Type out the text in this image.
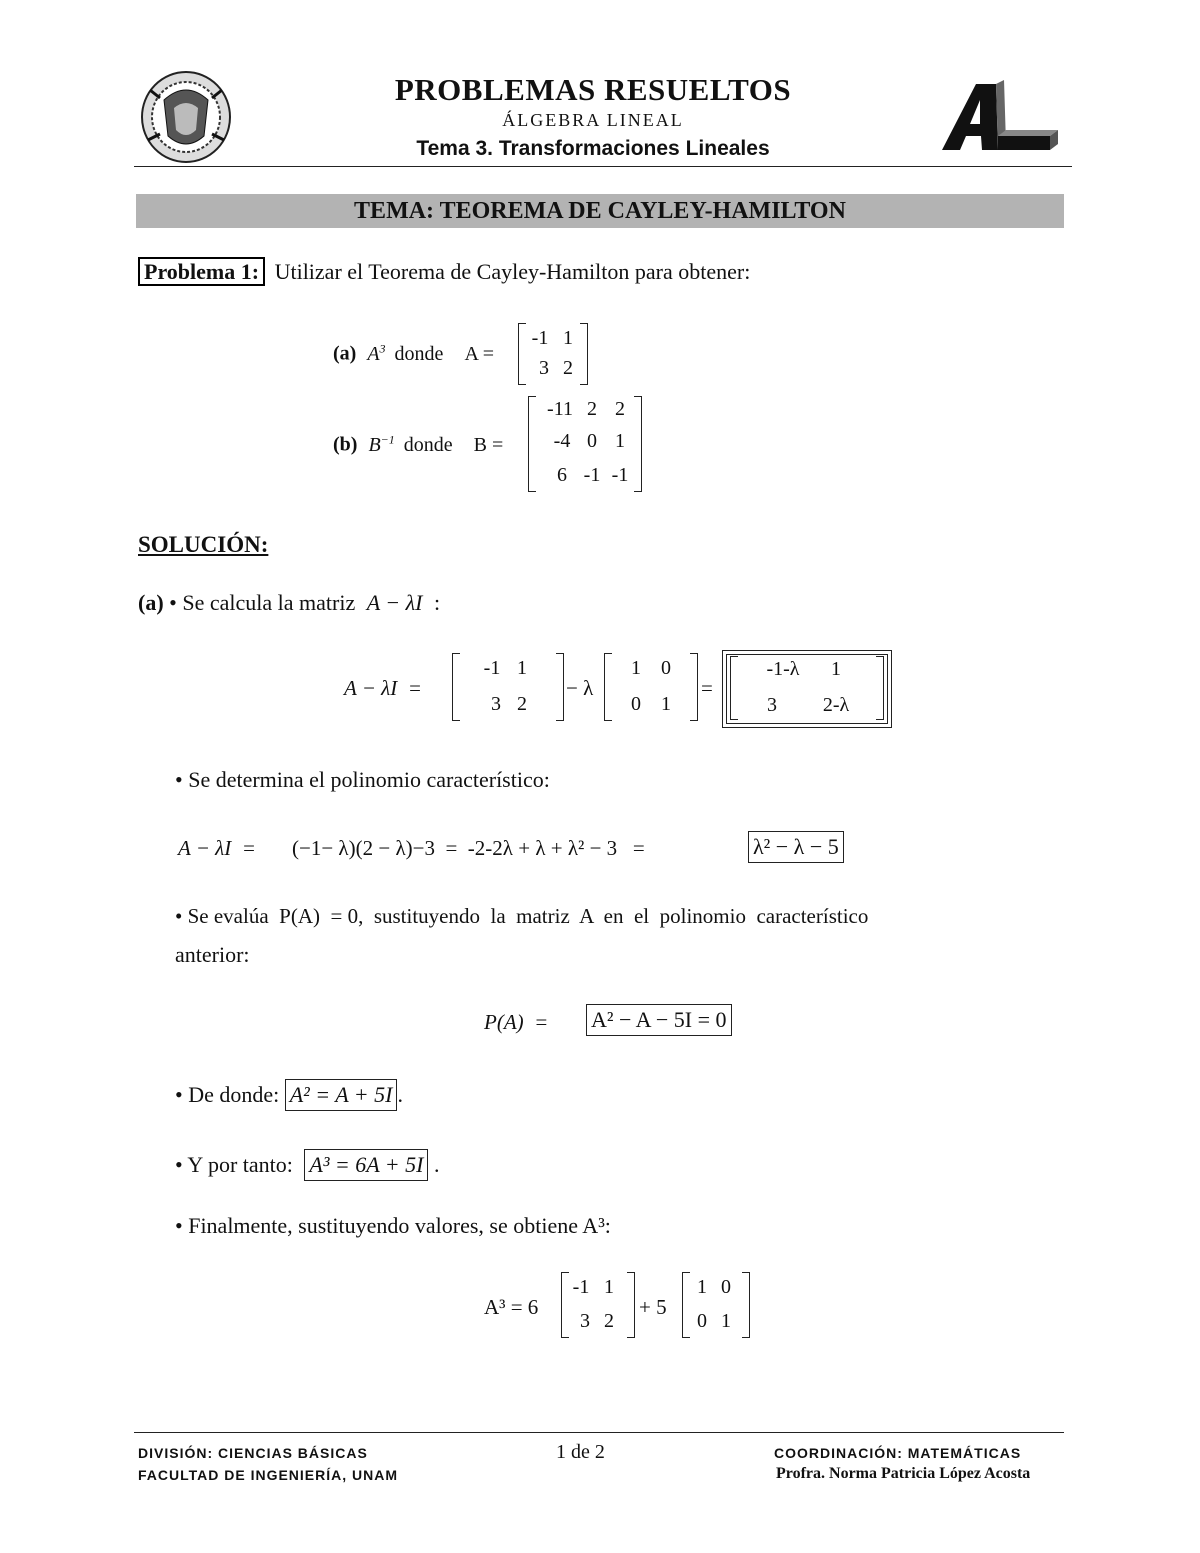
PROBLEMAS RESUELTOS
ÁLGEBRA LINEAL
Tema 3. Transformaciones Lineales
TEMA: TEOREMA DE CAYLEY-HAMILTON
Problema 1: Utilizar el Teorema de Cayley-Hamilton para obtener:
(a) $A^3$ donde A =
-1 1
3 2
(b) $B^{-1}$ donde B =
-11 2 2
-4 0 1
6 -1 -1
SOLUCIÓN:
(a) • Se calcula la matriz A − λI :
A − λI  =
-1 1
3 2
− λ
1	0
0	1
=
-1-λ	1
3	2-λ
• Se determina el polinomio característico:
A − λI  = (−1− λ)(2 − λ)−3  =  -2-2λ + λ + λ² − 3   =	λ² − λ − 5
• Se evalúa  P(A)  = 0,  sustituyendo  la  matriz  A  en  el  polinomio  característico
anterior:
P(A)  = A² − A − 5I = 0
• De donde: A² = A + 5I .
• Y por tanto: A³ = 6A + 5I .
• Finalmente, sustituyendo valores, se obtiene A³:
A³ = 6
-1 1
3 2
+ 5
1 0
0 1
DIVISIÓN: CIENCIAS BÁSICAS
FACULTAD DE INGENIERÍA, UNAM
1 de 2	COORDINACIÓN: MATEMÁTICAS
Profra. Norma Patricia López Acosta
